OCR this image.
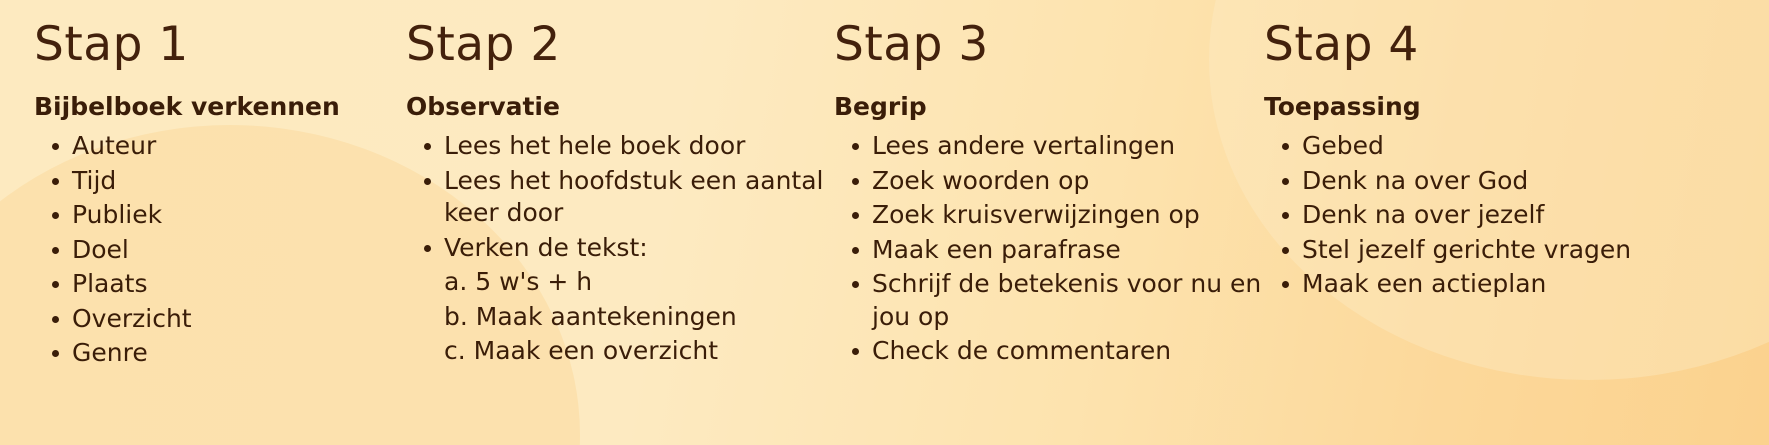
Stap 1
Bijbelboek verkennen
Auteur
Tijd
Publiek
Doel
Plaats
Overzicht
Genre
Stap 2
Observatie
Lees het hele boek door
Lees het hoofdstuk een aantal keer door
Verken de tekst:
a. 5 w's + h
b. Maak aantekeningen
c. Maak een overzicht
Stap 3
Begrip
Lees andere vertalingen
Zoek woorden op
Zoek kruisverwijzingen op
Maak een parafrase
Schrijf de betekenis voor nu en jou op
Check de commentaren
Stap 4
Toepassing
Gebed
Denk na over God
Denk na over jezelf
Stel jezelf gerichte vragen
Maak een actieplan
